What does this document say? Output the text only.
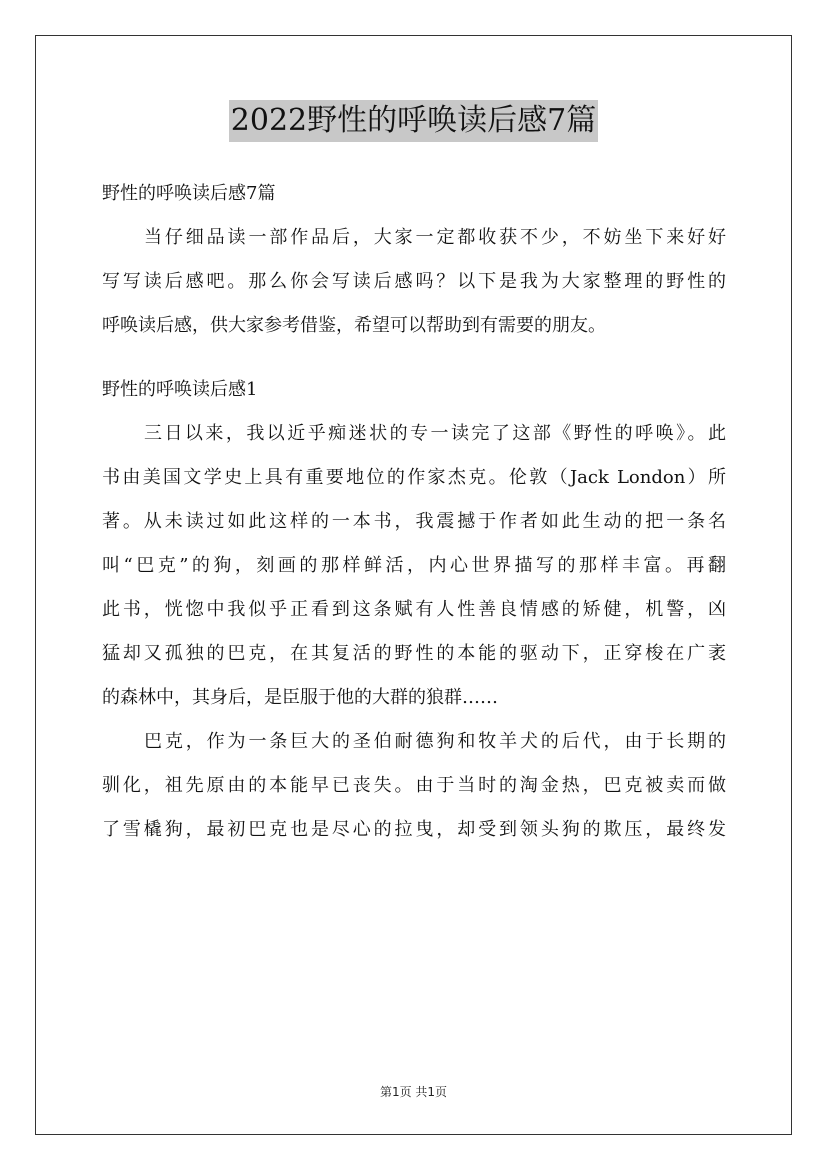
2022野性的呼唤读后感7篇
野性的呼唤读后感7篇
当仔细品读一部作品后，大家一定都收获不少，不妨坐下来好好
写写读后感吧。那么你会写读后感吗？以下是我为大家整理的野性的
呼唤读后感，供大家参考借鉴，希望可以帮助到有需要的朋友。
野性的呼唤读后感1
三日以来，我以近乎痴迷状的专一读完了这部《野性的呼唤》。此
书由美国文学史上具有重要地位的作家杰克。伦敦（Jack London）所
著。从未读过如此这样的一本书，我震撼于作者如此生动的把一条名
叫“巴克”的狗，刻画的那样鲜活，内心世界描写的那样丰富。再翻
此书，恍惚中我似乎正看到这条赋有人性善良情感的矫健，机警，凶
猛却又孤独的巴克，在其复活的野性的本能的驱动下，正穿梭在广袤
的森林中，其身后，是臣服于他的大群的狼群……
巴克，作为一条巨大的圣伯耐德狗和牧羊犬的后代，由于长期的
驯化，祖先原由的本能早已丧失。由于当时的淘金热，巴克被卖而做
了雪橇狗，最初巴克也是尽心的拉曳，却受到领头狗的欺压，最终发
第1页 共1页
